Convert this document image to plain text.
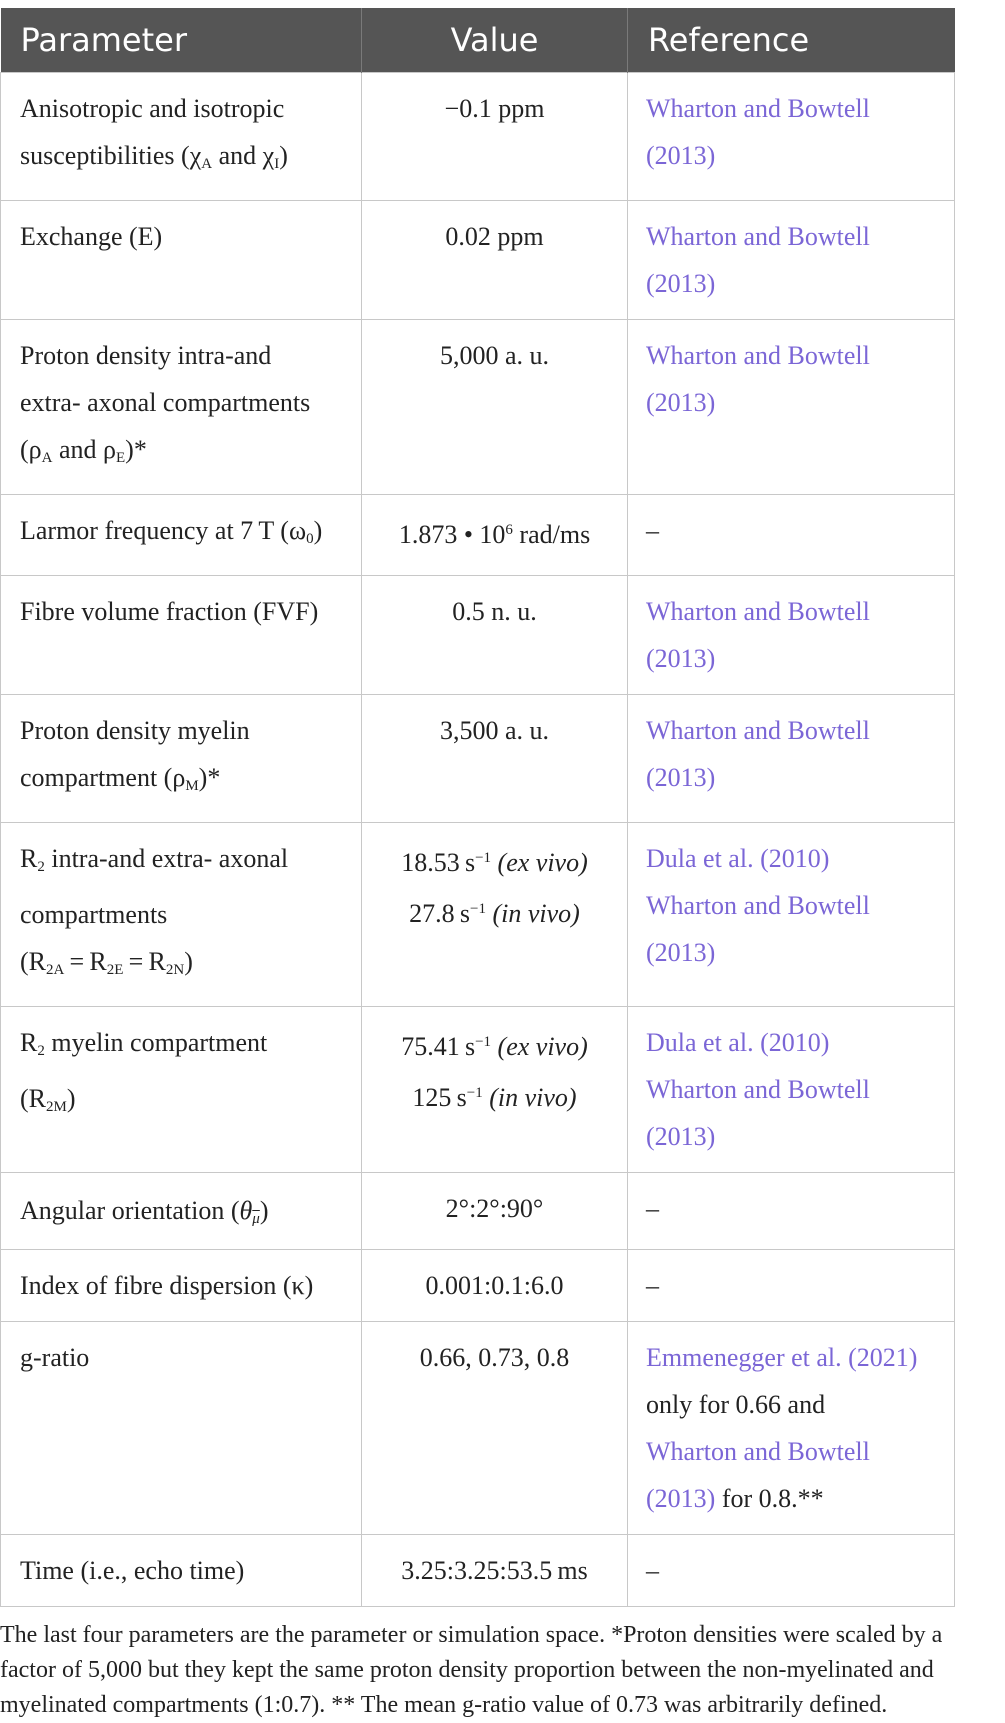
Parameter	Value	Reference

Anisotropic and isotropic
susceptibilities ($\chi_A$ and $\chi_I$)	−0.1 ppm	Wharton and Bowtell
(2013)

Exchange (E)	0.02 ppm	Wharton and Bowtell
(2013)

Proton density intra-and
extra- axonal compartments
($\rho_A$ and $\rho_E)*$	5,000 a. u.	Wharton and Bowtell
(2013)

Larmor frequency at 7 T $(\omega_0)$	1.873 • $10^6$ rad/ms	–
Fibre volume fraction (FVF)	0.5 n. u.	Wharton and Bowtell
(2013)

Proton density myelin
compartment $(\rho_M)*$	3,500 a. u.	Wharton and Bowtell
(2013)

$R_2$ intra-and extra- axonal
compartments
$(R_{2A} = R_{2E} = R_{2N})$	18.53 $s^{-1}$ (ex vivo)
27.8 $s^{-1}$ (in vivo)	Dula et al. (2010)
Wharton and Bowtell
(2013)

$R_2$ myelin compartment
$(R_{2M})$	75.41 $s^{-1}$ (ex vivo)
125 $s^{-1}$ (in vivo)	Dula et al. (2010)
Wharton and Bowtell
(2013)

Angular orientation $(\theta_{\overline{\mu}})$	2°:2°:90°	–
Index of fibre dispersion (κ)	0.001:0.1:6.0	–
g-ratio	0.66, 0.73, 0.8	Emmenegger et al. (2021)
only for 0.66 and
Wharton and Bowtell
(2013) for 0.8.**

Time (i.e., echo time)	3.25:3.25:53.5 ms	–
The last four parameters are the parameter or simulation space. *Proton densities were scaled by a factor of 5,000 but they kept the same proton density proportion between the non-myelinated and myelinated compartments (1:0.7). ** The mean g-ratio value of 0.73 was arbitrarily defined.
